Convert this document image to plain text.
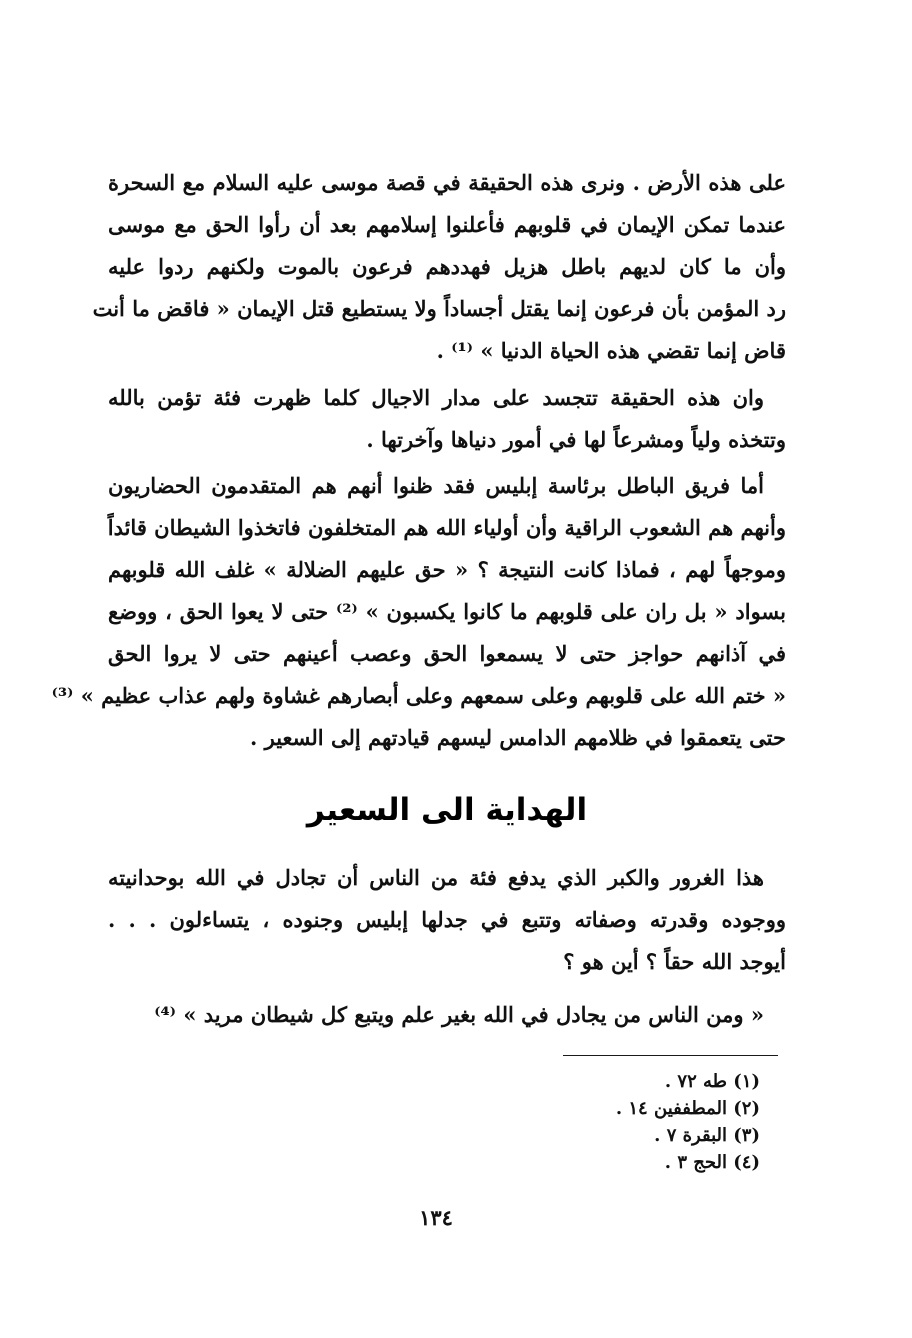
على هذه الأرض . ونرى هذه الحقيقة في قصة موسى عليه السلام مع السحرة
عندما تمكن الإيمان في قلوبهم فأعلنوا إسلامهم بعد أن رأوا الحق مع موسى
وأن ما كان لديهم باطل هزيل فهددهم فرعون بالموت ولكنهم ردوا عليه
رد المؤمن بأن فرعون إنما يقتل أجساداً ولا يستطيع قتل الإيمان « فاقض ما أنت
قاض إنما تقضي هذه الحياة الدنيا » ⁽¹⁾ .
وان هذه الحقيقة تتجسد على مدار الاجيال كلما ظهرت فئة تؤمن بالله
وتتخذه ولياً ومشرعاً لها في أمور دنياها وآخرتها .
أما فريق الباطل برئاسة إبليس فقد ظنوا أنهم هم المتقدمون الحضاريون
وأنهم هم الشعوب الراقية وأن أولياء الله هم المتخلفون فاتخذوا الشيطان قائداً
وموجهاً لهم ، فماذا كانت النتيجة ؟ « حق عليهم الضلالة » غلف الله قلوبهم
بسواد « بل ران على قلوبهم ما كانوا يكسبون » ⁽²⁾ حتى لا يعوا الحق ، ووضع
في آذانهم حواجز حتى لا يسمعوا الحق وعصب أعينهم حتى لا يروا الحق
« ختم الله على قلوبهم وعلى سمعهم وعلى أبصارهم غشاوة ولهم عذاب عظيم » ⁽³⁾
حتى يتعمقوا في ظلامهم الدامس ليسهم قيادتهم إلى السعير .
الهداية الى السعير
هذا الغرور والكبر الذي يدفع فئة من الناس أن تجادل في الله بوحدانيته
ووجوده وقدرته وصفاته وتتبع في جدلها إبليس وجنوده ، يتساءلون . . .
أيوجد الله حقاً ؟ أين هو ؟
« ومن الناس من يجادل في الله بغير علم ويتبع كل شيطان مريد » ⁽⁴⁾
(١) طه ٧٢ .
(٢) المطففين ١٤ .
(٣) البقرة ٧ .
(٤) الحج ٣ .
١٣٤
